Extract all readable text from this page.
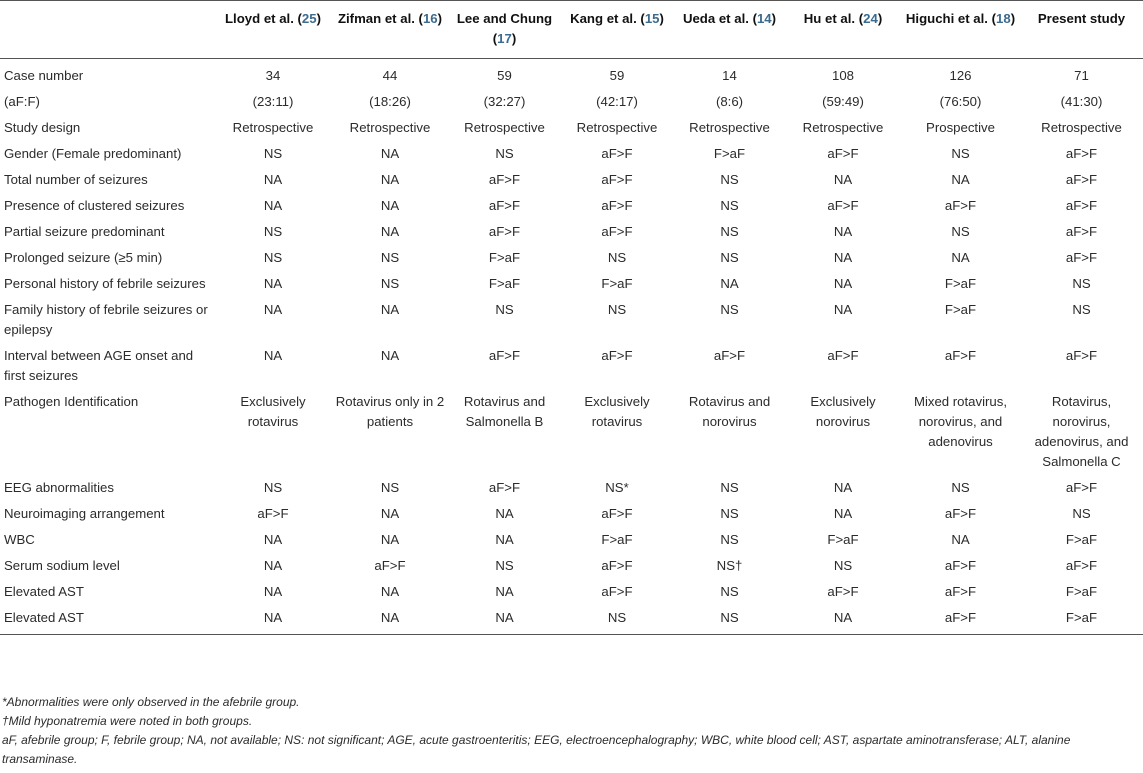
	Lloyd et al. (25)	Zifman et al. (16)	Lee and Chung (17)	Kang et al. (15)	Ueda et al. (14)	Hu et al. (24)	Higuchi et al. (18)	Present study
Case number	34	44	59	59	14	108	126	71
(aF:F)	(23:11)	(18:26)	(32:27)	(42:17)	(8:6)	(59:49)	(76:50)	(41:30)
Study design	Retrospective	Retrospective	Retrospective	Retrospective	Retrospective	Retrospective	Prospective	Retrospective
Gender (Female predominant)	NS	NA	NS	aF>F	F>aF	aF>F	NS	aF>F
Total number of seizures	NA	NA	aF>F	aF>F	NS	NA	NA	aF>F
Presence of clustered seizures	NA	NA	aF>F	aF>F	NS	aF>F	aF>F	aF>F
Partial seizure predominant	NS	NA	aF>F	aF>F	NS	NA	NS	aF>F
Prolonged seizure (≥5 min)	NS	NS	F>aF	NS	NS	NA	NA	aF>F
Personal history of febrile seizures	NA	NS	F>aF	F>aF	NA	NA	F>aF	NS
Family history of febrile seizures or epilepsy	NA	NA	NS	NS	NS	NA	F>aF	NS
Interval between AGE onset and first seizures	NA	NA	aF>F	aF>F	aF>F	aF>F	aF>F	aF>F
Pathogen Identification	Exclusively rotavirus	Rotavirus only in 2 patients	Rotavirus and Salmonella B	Exclusively rotavirus	Rotavirus and norovirus	Exclusively norovirus	Mixed rotavirus, norovirus, and adenovirus	Rotavirus, norovirus, adenovirus, and Salmonella C
EEG abnormalities	NS	NS	aF>F	NS*	NS	NA	NS	aF>F
Neuroimaging arrangement	aF>F	NA	NA	aF>F	NS	NA	aF>F	NS
WBC	NA	NA	NA	F>aF	NS	F>aF	NA	F>aF
Serum sodium level	NA	aF>F	NS	aF>F	NS†	NS	aF>F	aF>F
Elevated AST	NA	NA	NA	aF>F	NS	aF>F	aF>F	F>aF
Elevated AST	NA	NA	NA	NS	NS	NA	aF>F	F>aF

*Abnormalities were only observed in the afebrile group.

†Mild hyponatremia were noted in both groups.

aF, afebrile group; F, febrile group; NA, not available; NS: not significant; AGE, acute gastroenteritis; EEG, electroencephalography; WBC, white blood cell; AST, aspartate aminotransferase; ALT, alanine transaminase.
